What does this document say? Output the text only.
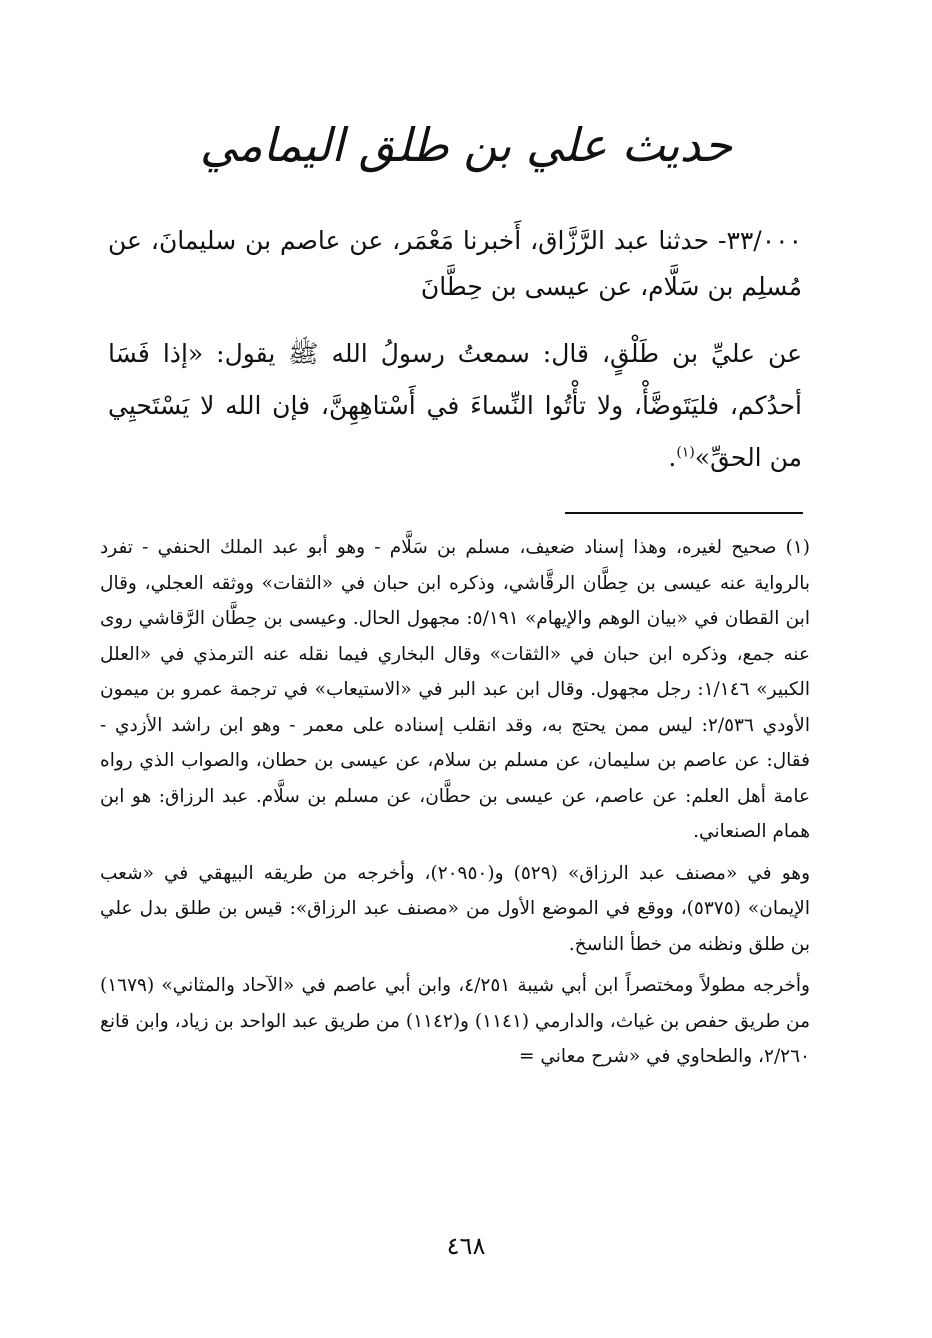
حديث علي بن طلق اليمامي

٣٣/٠٠٠- حدثنا عبد الرَّزَّاق، أَخبرنا مَعْمَر، عن عاصم بن سليمانَ، عن مُسلِم بن سَلَّام، عن عيسى بن حِطَّانَ

عن عليِّ بن طَلْقٍ، قال: سمعتُ رسولُ الله ﷺ يقول: «إذا فَسَا أحدُكم، فليَتَوضَّأْ، ولا تأْتُوا النِّساءَ في أَسْتاهِهِنَّ، فإن الله لا يَسْتَحيِي من الحقِّ»$^{(١)}$.

(١) صحيح لغيره، وهذا إسناد ضعيف، مسلم بن سَلَّام - وهو أبو عبد الملك الحنفي - تفرد بالرواية عنه عيسى بن حِطَّان الرقَّاشي، وذكره ابن حبان في «الثقات» ووثقه العجلي، وقال ابن القطان في «بيان الوهم والإيهام» ٥/١٩١: مجهول الحال. وعيسى بن حِطَّان الرَّقاشي روى عنه جمع، وذكره ابن حبان في «الثقات» وقال البخاري فيما نقله عنه الترمذي في «العلل الكبير» ١/١٤٦: رجل مجهول. وقال ابن عبد البر في «الاستيعاب» في ترجمة عمرو بن ميمون الأودي ٢/٥٣٦: ليس ممن يحتج به، وقد انقلب إسناده على معمر - وهو ابن راشد الأزدي - فقال: عن عاصم بن سليمان، عن مسلم بن سلام، عن عيسى بن حطان، والصواب الذي رواه عامة أهل العلم: عن عاصم، عن عيسى بن حطَّان، عن مسلم بن سلَّام. عبد الرزاق: هو ابن همام الصنعاني.

وهو في «مصنف عبد الرزاق» (٥٢٩) و(٢٠٩٥٠)، وأخرجه من طريقه البيهقي في «شعب الإيمان» (٥٣٧٥)، ووقع في الموضع الأول من «مصنف عبد الرزاق»: قيس بن طلق بدل علي بن طلق ونظنه من خطأ الناسخ.

وأخرجه مطولاً ومختصراً ابن أبي شيبة ٤/٢٥١، وابن أبي عاصم في «الآحاد والمثاني» (١٦٧٩) من طريق حفص بن غياث، والدارمي (١١٤١) و(١١٤٢) من طريق عبد الواحد بن زياد، وابن قانع ٢/٢٦٠، والطحاوي في «شرح معاني =

٤٦٨
